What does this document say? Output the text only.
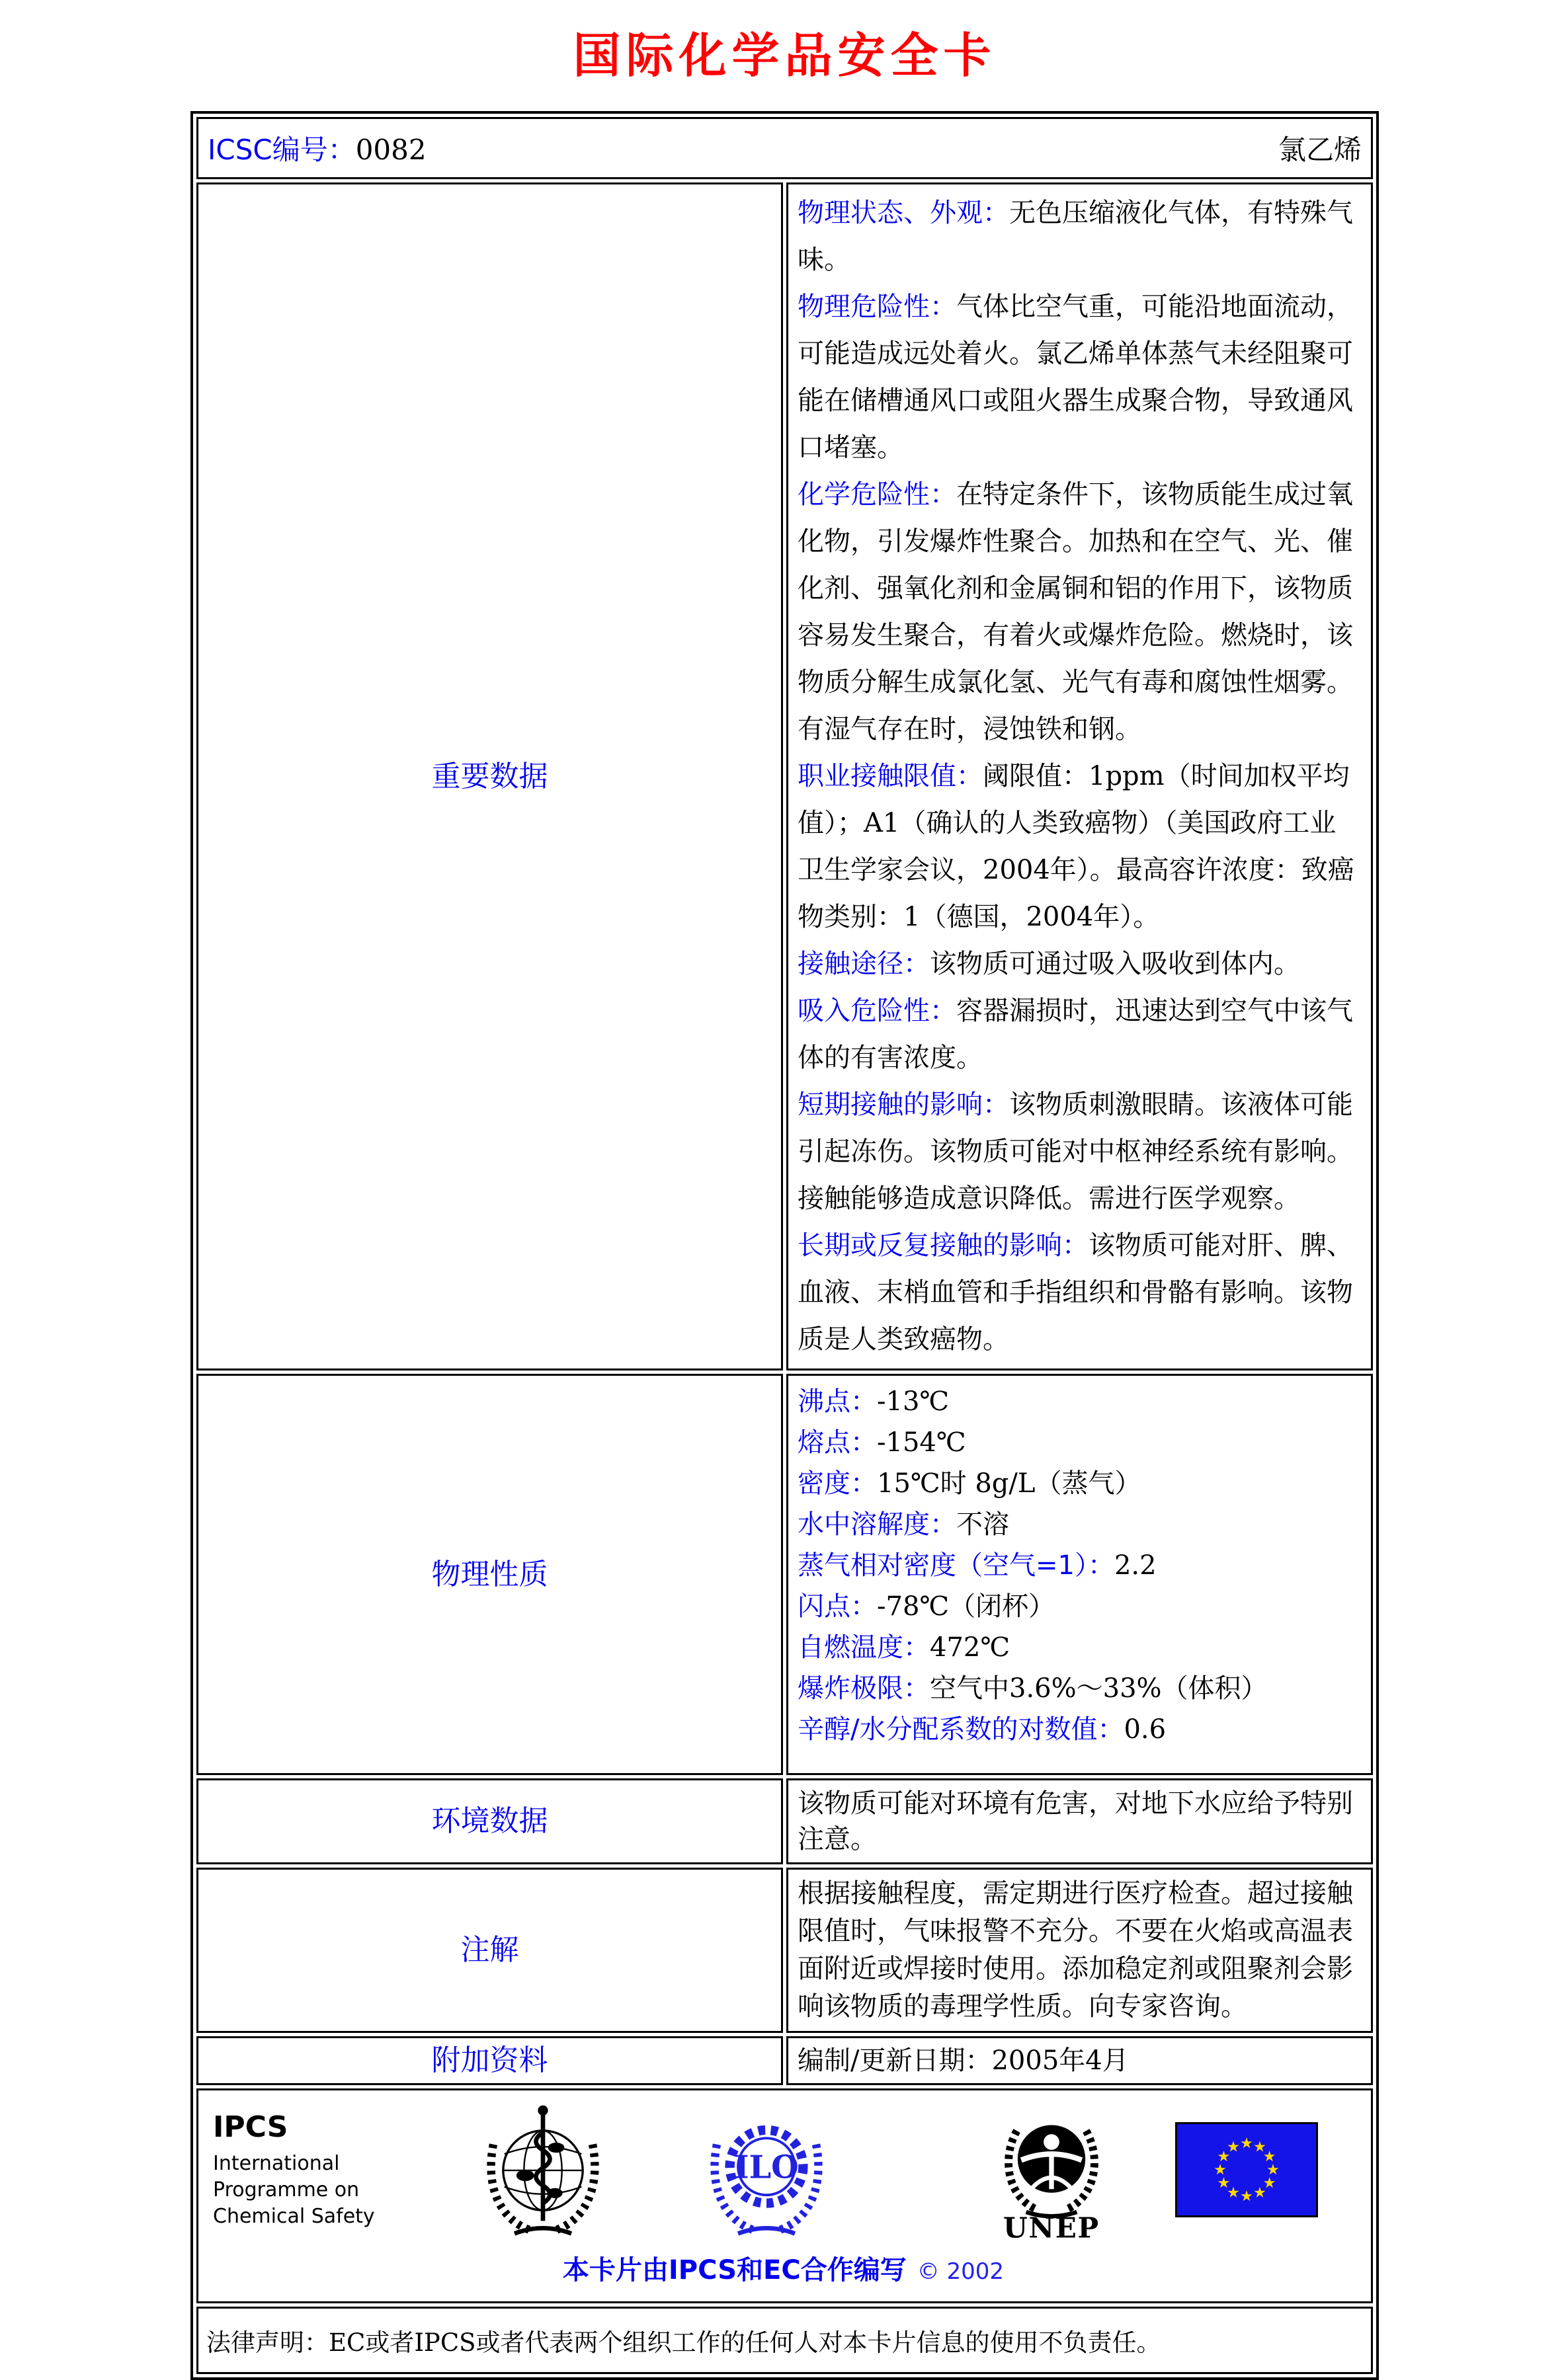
国际化学品安全卡
ICSC编号：0082 氯乙烯	

重要数据	
物理状态、外观：无色压缩液化气体，有特殊气味。
物理危险性：气体比空气重，可能沿地面流动，可能造成远处着火。氯乙烯单体蒸气未经阻聚可能在储槽通风口或阻火器生成聚合物，导致通风口堵塞。
化学危险性：在特定条件下，该物质能生成过氧化物，引发爆炸性聚合。加热和在空气、光、催化剂、强氧化剂和金属铜和铝的作用下，该物质容易发生聚合，有着火或爆炸危险。燃烧时，该物质分解生成氯化氢、光气有毒和腐蚀性烟雾。有湿气存在时，浸蚀铁和钢。
职业接触限值：阈限值：1ppm（时间加权平均值）；A1（确认的人类致癌物）（美国政府工业卫生学家会议，2004年）。最高容许浓度：致癌物类别：1（德国，2004年）。
接触途径：该物质可通过吸入吸收到体内。
吸入危险性：容器漏损时，迅速达到空气中该气体的有害浓度。
短期接触的影响：该物质刺激眼睛。该液体可能引起冻伤。该物质可能对中枢神经系统有影响。接触能够造成意识降低。需进行医学观察。
长期或反复接触的影响：该物质可能对肝、脾、血液、末梢血管和手指组织和骨骼有影响。该物质是人类致癌物。

物理性质	
沸点：-13℃
熔点：-154℃
密度：15℃时 8g/L（蒸气）
水中溶解度：不溶
蒸气相对密度（空气=1）：2.2
闪点：-78℃（闭杯）
自燃温度：472℃
爆炸极限：空气中3.6%～33%（体积）
辛醇/水分配系数的对数值：0.6

环境数据	该物质可能对环境有危害，对地下水应给予特别注意。
注解	根据接触程度，需定期进行医疗检查。超过接触限值时，气味报警不充分。不要在火焰或高温表面附近或焊接时使用。添加稳定剂或阻聚剂会影响该物质的毒理学性质。向专家咨询。
附加资料	编制/更新日期：2005年4月

IPCS
International
Programme on
Chemical Safety
ILO
UNEP
本卡片由IPCS和EC合作编写 © 2002

法律声明：EC或者IPCS或者代表两个组织工作的任何人对本卡片信息的使用不负责任。	
